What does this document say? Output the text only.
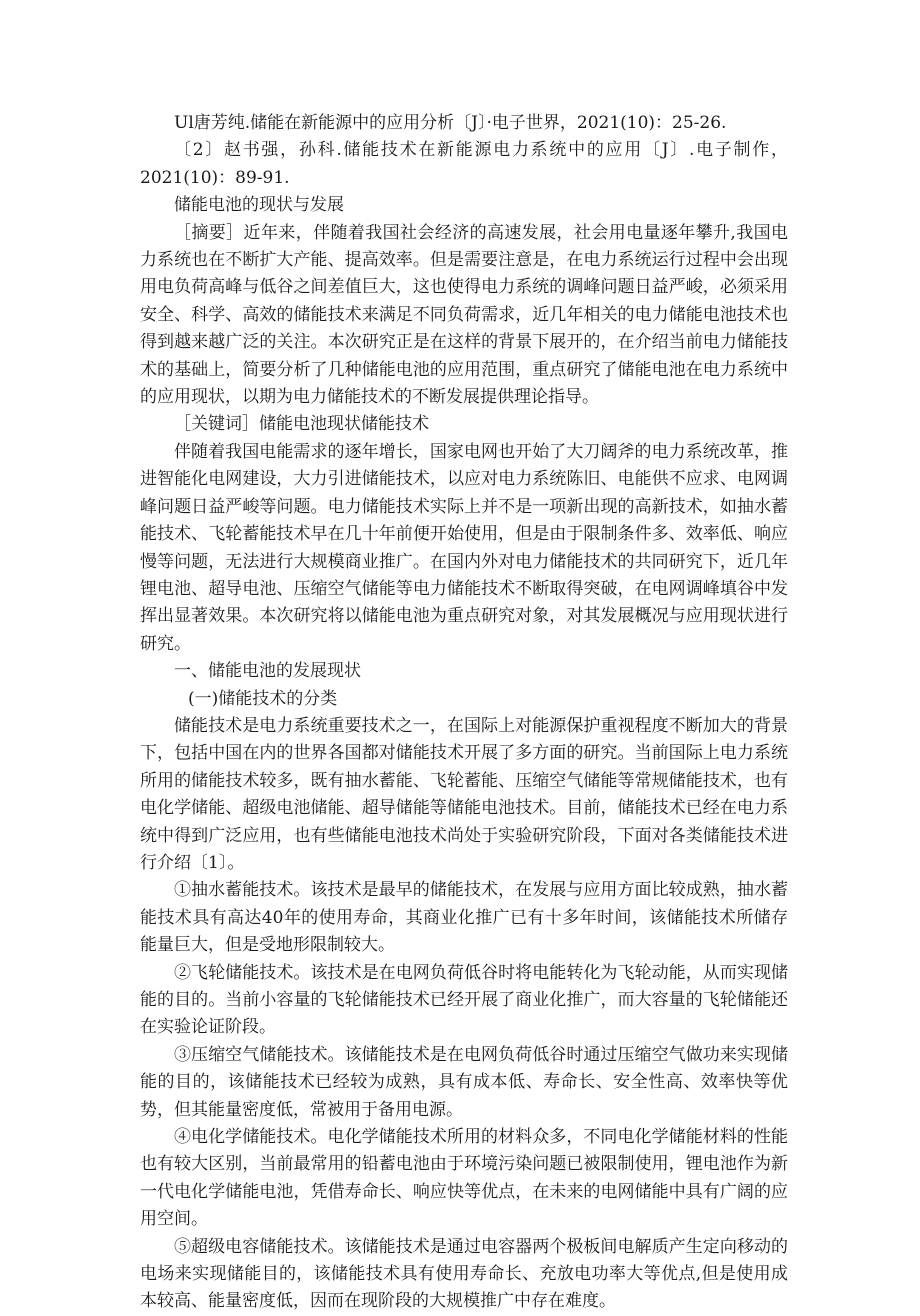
Ul唐芳纯.储能在新能源中的应用分析〔J〕·电子世界，2021(10)：25-26.

〔2〕赵书强，孙科.储能技术在新能源电力系统中的应用〔J〕.电子制作，2021(10)：89-91.

储能电池的现状与发展

［摘要］近年来，伴随着我国社会经济的高速发展，社会用电量逐年攀升,我国电力系统也在不断扩大产能、提高效率。但是需要注意是，在电力系统运行过程中会出现用电负荷高峰与低谷之间差值巨大，这也使得电力系统的调峰问题日益严峻，必须采用安全、科学、高效的储能技术来满足不同负荷需求，近几年相关的电力储能电池技术也得到越来越广泛的关注。本次研究正是在这样的背景下展开的，在介绍当前电力储能技术的基础上，简要分析了几种储能电池的应用范围，重点研究了储能电池在电力系统中的应用现状，以期为电力储能技术的不断发展提供理论指导。

［关键词］储能电池现状储能技术

伴随着我国电能需求的逐年增长，国家电网也开始了大刀阔斧的电力系统改革，推进智能化电网建设，大力引进储能技术，以应对电力系统陈旧、电能供不应求、电网调峰问题日益严峻等问题。电力储能技术实际上并不是一项新出现的高新技术，如抽水蓄能技术、飞轮蓄能技术早在几十年前便开始使用，但是由于限制条件多、效率低、响应慢等问题，无法进行大规模商业推广。在国内外对电力储能技术的共同研究下，近几年锂电池、超导电池、压缩空气储能等电力储能技术不断取得突破，在电网调峰填谷中发挥出显著效果。本次研究将以储能电池为重点研究对象，对其发展概况与应用现状进行研究。

一、储能电池的发展现状

(一)储能技术的分类

储能技术是电力系统重要技术之一，在国际上对能源保护重视程度不断加大的背景下，包括中国在内的世界各国都对储能技术开展了多方面的研究。当前国际上电力系统所用的储能技术较多，既有抽水蓄能、飞轮蓄能、压缩空气储能等常规储能技术，也有电化学储能、超级电池储能、超导储能等储能电池技术。目前，储能技术已经在电力系统中得到广泛应用，也有些储能电池技术尚处于实验研究阶段，下面对各类储能技术进行介绍〔1〕。

①抽水蓄能技术。该技术是最早的储能技术，在发展与应用方面比较成熟，抽水蓄能技术具有高达40年的使用寿命，其商业化推广已有十多年时间，该储能技术所储存能量巨大，但是受地形限制较大。

②飞轮储能技术。该技术是在电网负荷低谷时将电能转化为飞轮动能，从而实现储能的目的。当前小容量的飞轮储能技术已经开展了商业化推广，而大容量的飞轮储能还在实验论证阶段。

③压缩空气储能技术。该储能技术是在电网负荷低谷时通过压缩空气做功来实现储能的目的，该储能技术已经较为成熟，具有成本低、寿命长、安全性高、效率快等优势，但其能量密度低，常被用于备用电源。

④电化学储能技术。电化学储能技术所用的材料众多，不同电化学储能材料的性能也有较大区别，当前最常用的铅蓄电池由于环境污染问题已被限制使用，锂电池作为新一代电化学储能电池，凭借寿命长、响应快等优点，在未来的电网储能中具有广阔的应用空间。

⑤超级电容储能技术。该储能技术是通过电容器两个极板间电解质产生定向移动的电场来实现储能目的，该储能技术具有使用寿命长、充放电功率大等优点,但是使用成本较高、能量密度低，因而在现阶段的大规模推广中存在难度。
